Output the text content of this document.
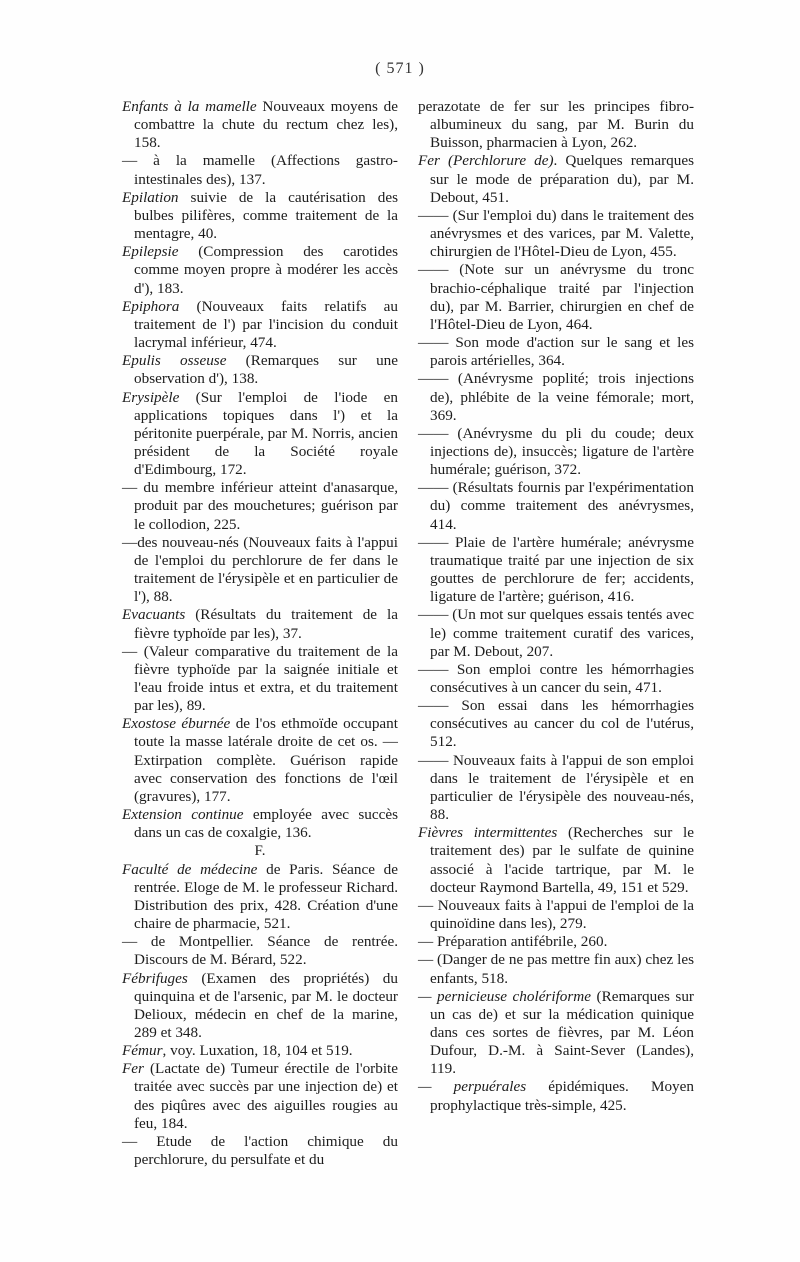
( 571 )

Enfants à la mamelle Nouveaux moyens de combattre la chute du rectum chez les), 158.

— à la mamelle (Affections gastro-intestinales des), 137.

Epilation suivie de la cautérisation des bulbes pilifères, comme traitement de la mentagre, 40.

Epilepsie (Compression des carotides comme moyen propre à modérer les accès d'), 183.

Epiphora (Nouveaux faits relatifs au traitement de l') par l'incision du conduit lacrymal inférieur, 474.

Epulis osseuse (Remarques sur une observation d'), 138.

Erysipèle (Sur l'emploi de l'iode en applications topiques dans l') et la péritonite puerpérale, par M. Norris, ancien président de la Société royale d'Edimbourg, 172.

— du membre inférieur atteint d'anasarque, produit par des mouchetures; guérison par le collodion, 225.

—des nouveau-nés (Nouveaux faits à l'appui de l'emploi du perchlorure de fer dans le traitement de l'érysipèle et en particulier de l'), 88.

Evacuants (Résultats du traitement de la fièvre typhoïde par les), 37.

— (Valeur comparative du traitement de la fièvre typhoïde par la saignée initiale et l'eau froide intus et extra, et du traitement par les), 89.

Exostose éburnée de l'os ethmoïde occupant toute la masse latérale droite de cet os. — Extirpation complète. Guérison rapide avec conservation des fonctions de l'œil (gravures), 177.

Extension continue employée avec succès dans un cas de coxalgie, 136.

F.

Faculté de médecine de Paris. Séance de rentrée. Eloge de M. le professeur Richard. Distribution des prix, 428. Création d'une chaire de pharmacie, 521.

— de Montpellier. Séance de rentrée. Discours de M. Bérard, 522.

Fébrifuges (Examen des propriétés) du quinquina et de l'arsenic, par M. le docteur Delioux, médecin en chef de la marine, 289 et 348.

Fémur, voy. Luxation, 18, 104 et 519.

Fer (Lactate de) Tumeur érectile de l'orbite traitée avec succès par une injection de) et des piqûres avec des aiguilles rougies au feu, 184.

— Etude de l'action chimique du perchlorure, du persulfate et du

perazotate de fer sur les principes fibro-albumineux du sang, par M. Burin du Buisson, pharmacien à Lyon, 262.

Fer (Perchlorure de). Quelques remarques sur le mode de préparation du), par M. Debout, 451.

—— (Sur l'emploi du) dans le traitement des anévrysmes et des varices, par M. Valette, chirurgien de l'Hôtel-Dieu de Lyon, 455.

—— (Note sur un anévrysme du tronc brachio-céphalique traité par l'injection du), par M. Barrier, chirurgien en chef de l'Hôtel-Dieu de Lyon, 464.

—— Son mode d'action sur le sang et les parois artérielles, 364.

—— (Anévrysme poplité; trois injections de), phlébite de la veine fémorale; mort, 369.

—— (Anévrysme du pli du coude; deux injections de), insuccès; ligature de l'artère humérale; guérison, 372.

—— (Résultats fournis par l'expérimentation du) comme traitement des anévrysmes, 414.

—— Plaie de l'artère humérale; anévrysme traumatique traité par une injection de six gouttes de perchlorure de fer; accidents, ligature de l'artère; guérison, 416.

—— (Un mot sur quelques essais tentés avec le) comme traitement curatif des varices, par M. Debout, 207.

—— Son emploi contre les hémorrhagies consécutives à un cancer du sein, 471.

—— Son essai dans les hémorrhagies consécutives au cancer du col de l'utérus, 512.

—— Nouveaux faits à l'appui de son emploi dans le traitement de l'érysipèle et en particulier de l'érysipèle des nouveau-nés, 88.

Fièvres intermittentes (Recherches sur le traitement des) par le sulfate de quinine associé à l'acide tartrique, par M. le docteur Raymond Bartella, 49, 151 et 529.

— Nouveaux faits à l'appui de l'emploi de la quinoïdine dans les), 279.

— Préparation antifébrile, 260.

— (Danger de ne pas mettre fin aux) chez les enfants, 518.

— pernicieuse cholériforme (Remarques sur un cas de) et sur la médication quinique dans ces sortes de fièvres, par M. Léon Dufour, D.-M. à Saint-Sever (Landes), 119.

— perpuérales épidémiques. Moyen prophylactique très-simple, 425.
